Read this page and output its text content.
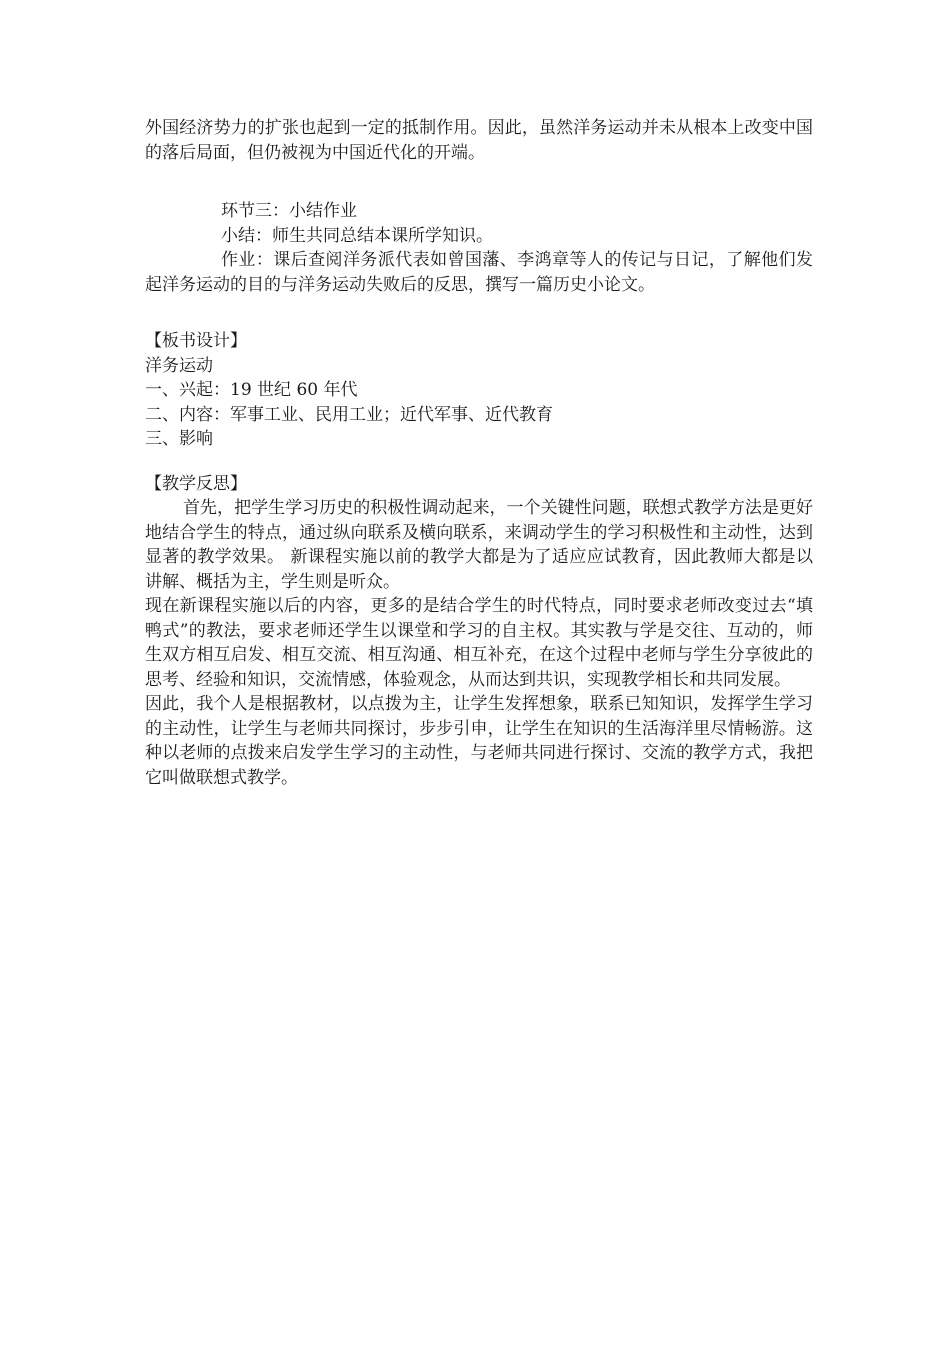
外国经济势力的扩张也起到一定的抵制作用。因此，虽然洋务运动并未从根本上改变中国的落后局面，但仍被视为中国近代化的开端。

环节三：小结作业

小结：师生共同总结本课所学知识。

作业：课后查阅洋务派代表如曾国藩、李鸿章等人的传记与日记，了解他们发起洋务运动的目的与洋务运动失败后的反思，撰写一篇历史小论文。

【板书设计】

洋务运动

一、兴起：19 世纪 60 年代

二、内容：军事工业、民用工业；近代军事、近代教育

三、影响

【教学反思】

首先，把学生学习历史的积极性调动起来，一个关键性问题，联想式教学方法是更好地结合学生的特点，通过纵向联系及横向联系，来调动学生的学习积极性和主动性，达到显著的教学效果。 新课程实施以前的教学大都是为了适应应试教育，因此教师大都是以讲解、概括为主，学生则是听众。

现在新课程实施以后的内容，更多的是结合学生的时代特点，同时要求老师改变过去“填鸭式”的教法，要求老师还学生以课堂和学习的自主权。其实教与学是交往、互动的，师生双方相互启发、相互交流、相互沟通、相互补充，在这个过程中老师与学生分享彼此的思考、经验和知识，交流情感，体验观念，从而达到共识，实现教学相长和共同发展。

因此，我个人是根据教材，以点拨为主，让学生发挥想象，联系已知知识，发挥学生学习的主动性，让学生与老师共同探讨，步步引申，让学生在知识的生活海洋里尽情畅游。这种以老师的点拨来启发学生学习的主动性，与老师共同进行探讨、交流的教学方式，我把它叫做联想式教学。
